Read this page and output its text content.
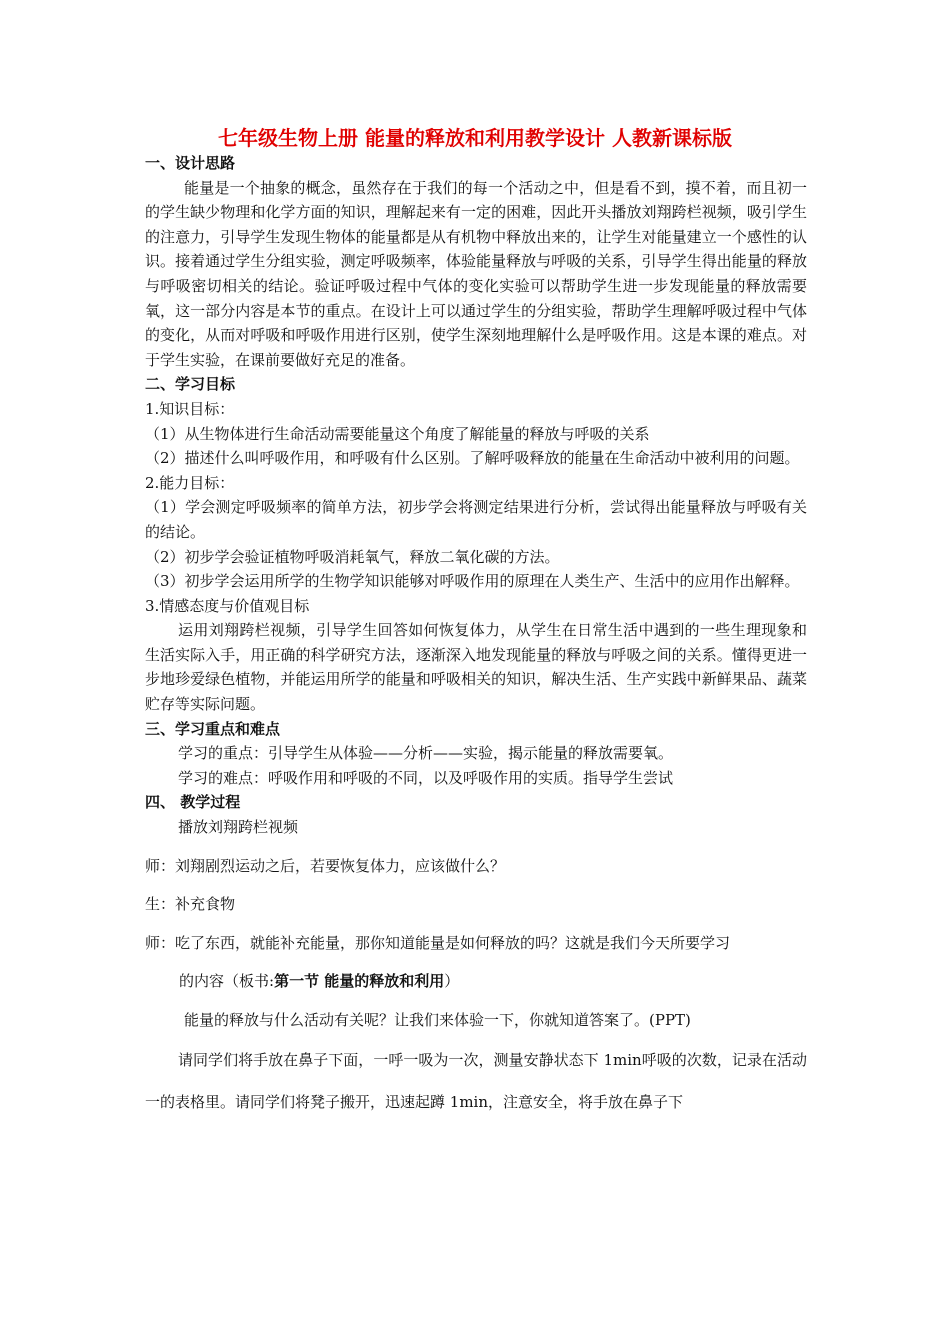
七年级生物上册 能量的释放和利用教学设计 人教新课标版

一、设计思路

能量是一个抽象的概念，虽然存在于我们的每一个活动之中，但是看不到，摸不着，而且初一的学生缺少物理和化学方面的知识，理解起来有一定的困难，因此开头播放刘翔跨栏视频，吸引学生的注意力，引导学生发现生物体的能量都是从有机物中释放出来的，让学生对能量建立一个感性的认识。接着通过学生分组实验，测定呼吸频率，体验能量释放与呼吸的关系，引导学生得出能量的释放与呼吸密切相关的结论。验证呼吸过程中气体的变化实验可以帮助学生进一步发现能量的释放需要氧，这一部分内容是本节的重点。在设计上可以通过学生的分组实验，帮助学生理解呼吸过程中气体的变化，从而对呼吸和呼吸作用进行区别，使学生深刻地理解什么是呼吸作用。这是本课的难点。对于学生实验，在课前要做好充足的准备。

二、学习目标

1.知识目标：

（1）从生物体进行生命活动需要能量这个角度了解能量的释放与呼吸的关系

（2）描述什么叫呼吸作用，和呼吸有什么区别。了解呼吸释放的能量在生命活动中被利用的问题。

2.能力目标：

（1）学会测定呼吸频率的简单方法，初步学会将测定结果进行分析，尝试得出能量释放与呼吸有关的结论。

（2）初步学会验证植物呼吸消耗氧气，释放二氧化碳的方法。

（3）初步学会运用所学的生物学知识能够对呼吸作用的原理在人类生产、生活中的应用作出解释。

3.情感态度与价值观目标

运用刘翔跨栏视频，引导学生回答如何恢复体力，从学生在日常生活中遇到的一些生理现象和生活实际入手，用正确的科学研究方法，逐渐深入地发现能量的释放与呼吸之间的关系。懂得更进一步地珍爱绿色植物，并能运用所学的能量和呼吸相关的知识，解决生活、生产实践中新鲜果品、蔬菜贮存等实际问题。

三、学习重点和难点

学习的重点：引导学生从体验——分析——实验，揭示能量的释放需要氧。

学习的难点：呼吸作用和呼吸的不同，以及呼吸作用的实质。指导学生尝试

四、 教学过程

播放刘翔跨栏视频

师：刘翔剧烈运动之后，若要恢复体力，应该做什么？

生：补充食物

师：吃了东西，就能补充能量，那你知道能量是如何释放的吗？这就是我们今天所要学习

的内容（板书:第一节 能量的释放和利用）

能量的释放与什么活动有关呢？让我们来体验一下，你就知道答案了。(PPT)

请同学们将手放在鼻子下面，一呼一吸为一次，测量安静状态下 1min呼吸的次数，记录在活动一的表格里。请同学们将凳子搬开，迅速起蹲 1min，注意安全，将手放在鼻子下
